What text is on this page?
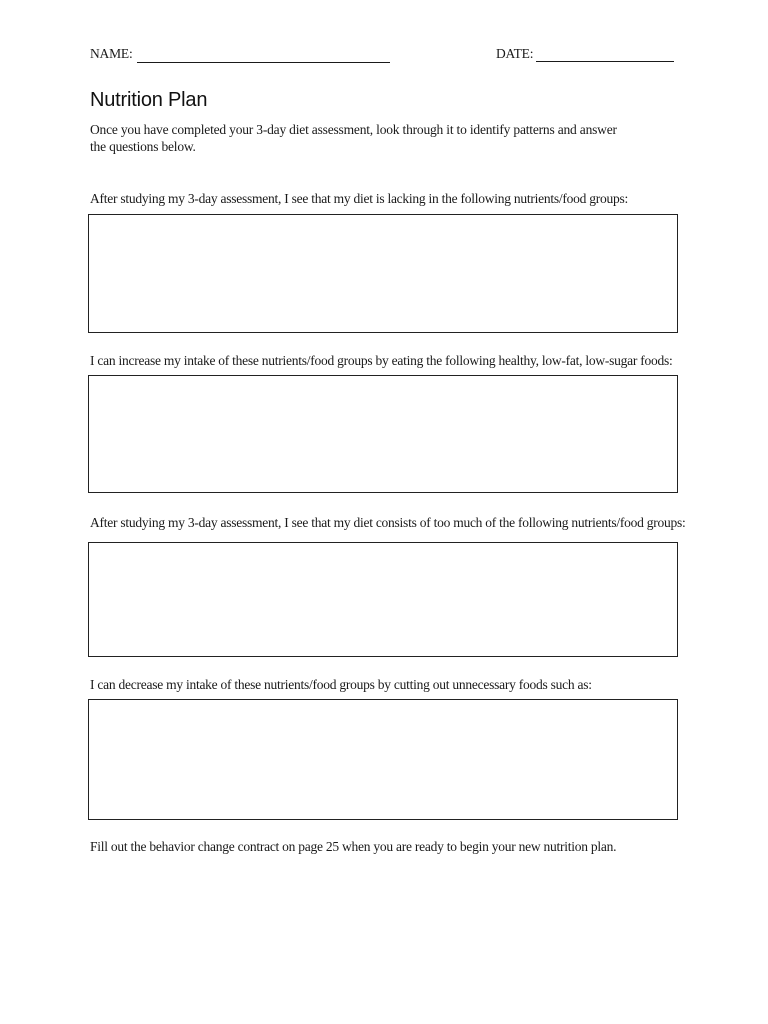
NAME:	DATE:
Nutrition Plan
Once you have completed your 3-day diet assessment, look through it to identify patterns and answer
the questions below.
After studying my 3-day assessment, I see that my diet is lacking in the following nutrients/food groups:
I can increase my intake of these nutrients/food groups by eating the following healthy, low-fat, low-sugar foods:
After studying my 3-day assessment, I see that my diet consists of too much of the following nutrients/food groups:
I can decrease my intake of these nutrients/food groups by cutting out unnecessary foods such as:
Fill out the behavior change contract on page 25 when you are ready to begin your new nutrition plan.
